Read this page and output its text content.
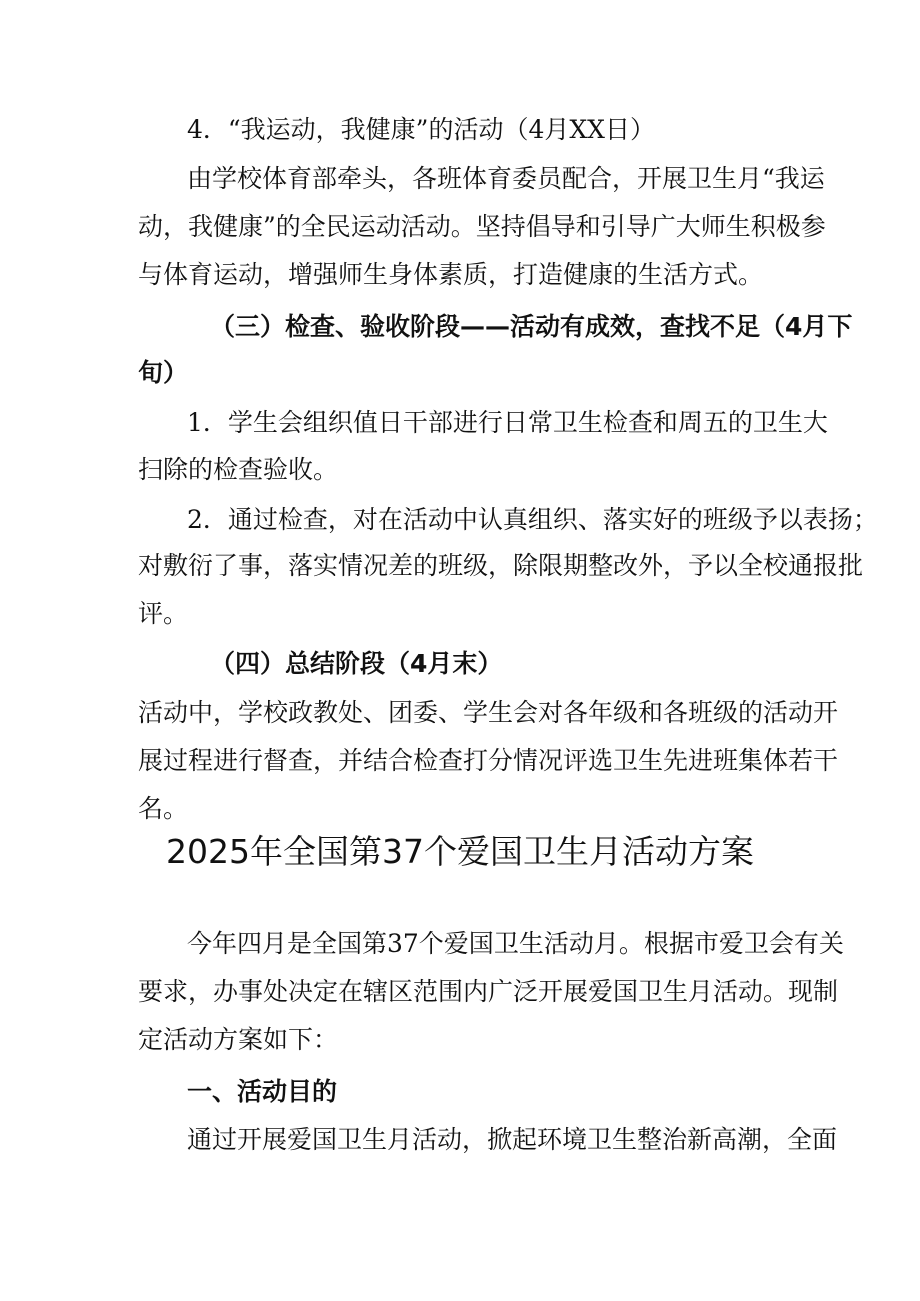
4．“我运动，我健康”的活动（4月XX日）

由学校体育部牵头，各班体育委员配合，开展卫生月“我运

动，我健康”的全民运动活动。坚持倡导和引导广大师生积极参

与体育运动，增强师生身体素质，打造健康的生活方式。

（三）检查、验收阶段——活动有成效，查找不足（4月下

旬）

1．学生会组织值日干部进行日常卫生检查和周五的卫生大

扫除的检查验收。

2．通过检查，对在活动中认真组织、落实好的班级予以表扬；

对敷衍了事，落实情况差的班级，除限期整改外，予以全校通报批

评。

（四）总结阶段（4月末）

活动中，学校政教处、团委、学生会对各年级和各班级的活动开

展过程进行督查，并结合检查打分情况评选卫生先进班集体若干

名。

2025年全国第37个爱国卫生月活动方案

今年四月是全国第37个爱国卫生活动月。根据市爱卫会有关

要求，办事处决定在辖区范围内广泛开展爱国卫生月活动。现制

定活动方案如下：

一、活动目的

通过开展爱国卫生月活动，掀起环境卫生整治新高潮，全面
